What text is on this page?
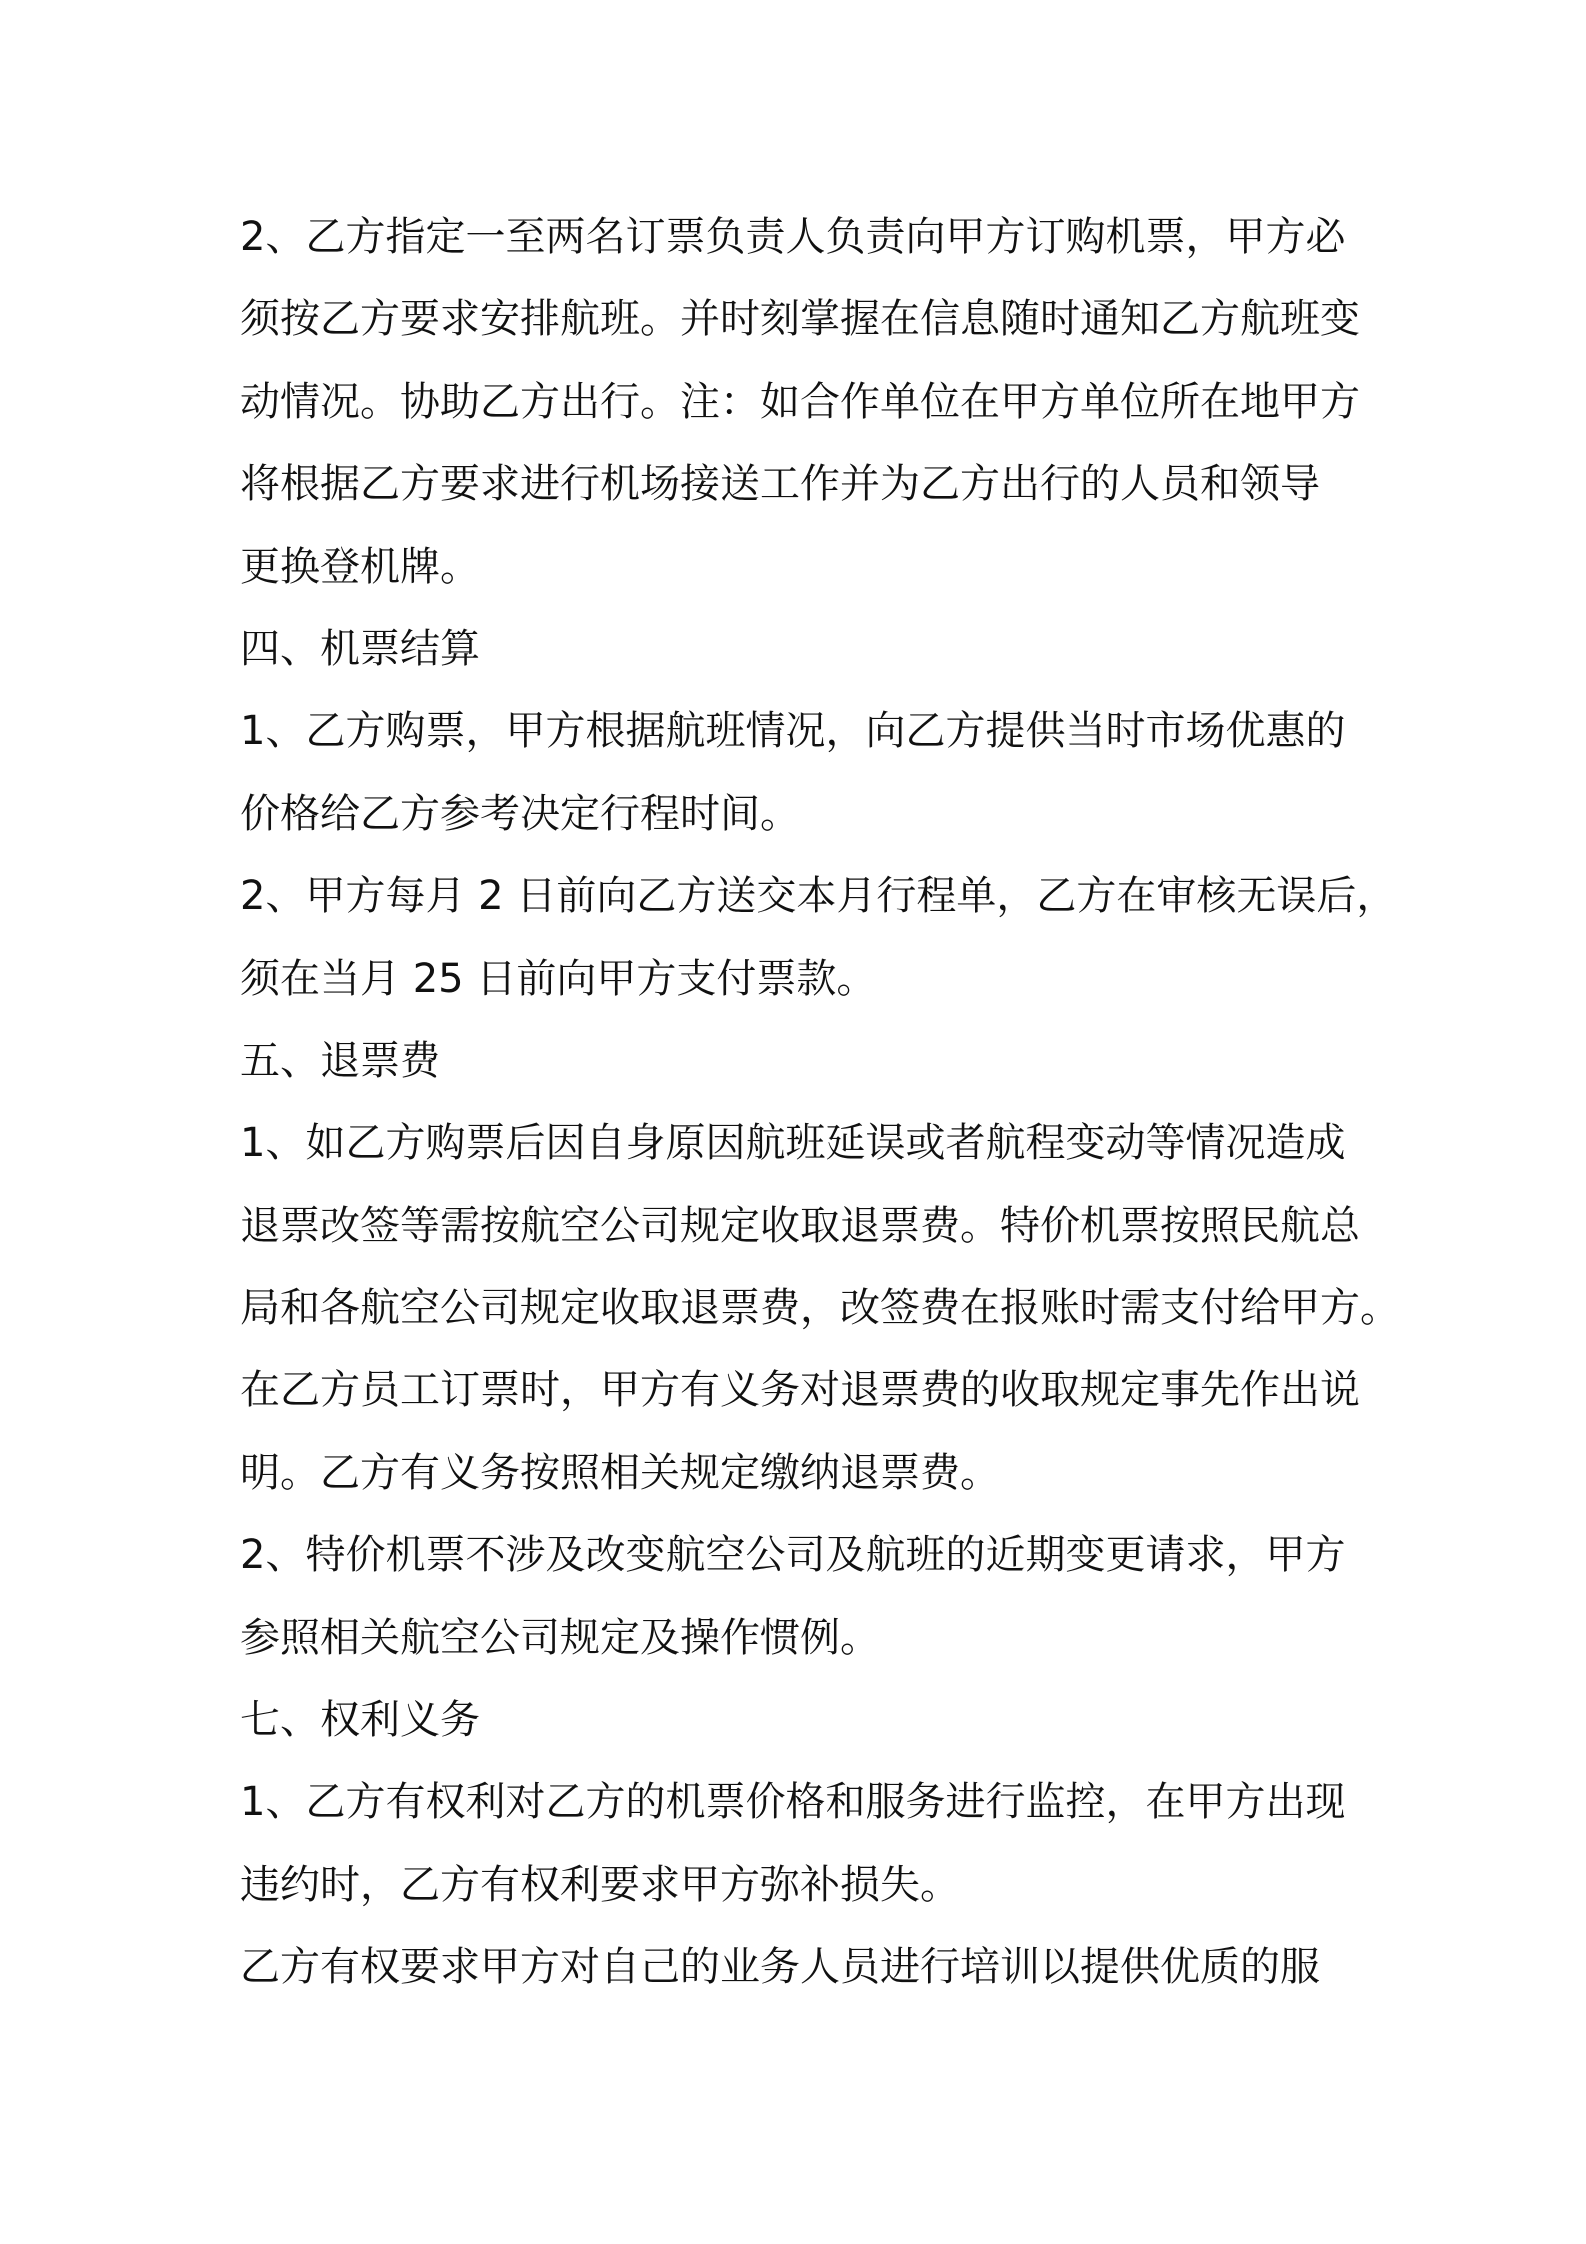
2、乙方指定一至两名订票负责人负责向甲方订购机票，甲方必
须按乙方要求安排航班。并时刻掌握在信息随时通知乙方航班变
动情况。协助乙方出行。注：如合作单位在甲方单位所在地甲方
将根据乙方要求进行机场接送工作并为乙方出行的人员和领导
更换登机牌。
四、机票结算
1、乙方购票，甲方根据航班情况，向乙方提供当时市场优惠的
价格给乙方参考决定行程时间。
2、甲方每月 2 日前向乙方送交本月行程单，乙方在审核无误后，
须在当月 25 日前向甲方支付票款。
五、退票费
1、如乙方购票后因自身原因航班延误或者航程变动等情况造成
退票改签等需按航空公司规定收取退票费。特价机票按照民航总
局和各航空公司规定收取退票费，改签费在报账时需支付给甲方。
在乙方员工订票时，甲方有义务对退票费的收取规定事先作出说
明。乙方有义务按照相关规定缴纳退票费。
2、特价机票不涉及改变航空公司及航班的近期变更请求，甲方
参照相关航空公司规定及操作惯例。
七、权利义务
1、乙方有权利对乙方的机票价格和服务进行监控，在甲方出现
违约时，乙方有权利要求甲方弥补损失。
乙方有权要求甲方对自己的业务人员进行培训以提供优质的服
